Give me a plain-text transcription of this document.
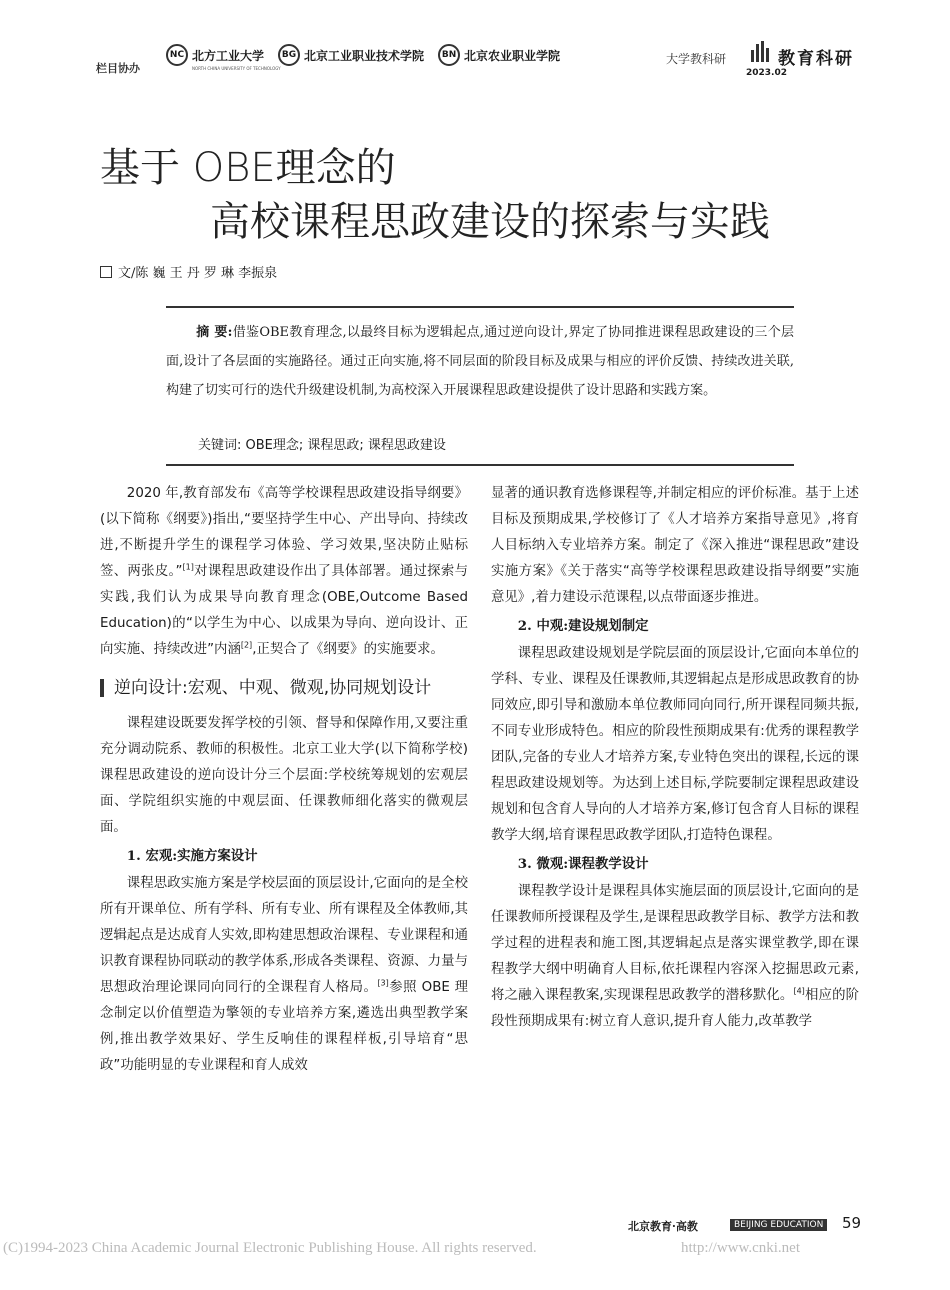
栏目协办
NC 北方工业大学
NORTH CHINA UNIVERSITY OF TECHNOLOGY
BG 北京工业职业技术学院	BN 北京农业职业学院	大学教科研	教育科研
2023.02
基于 OBE理念的
高校课程思政建设的探索与实践
文/陈 巍 王 丹 罗 琳 李振泉
摘 要:借鉴OBE教育理念,以最终目标为逻辑起点,通过逆向设计,界定了协同推进课程思政建设的三个层面,设计了各层面的实施路径。通过正向实施,将不同层面的阶段目标及成果与相应的评价反馈、持续改进关联,构建了切实可行的迭代升级建设机制,为高校深入开展课程思政建设提供了设计思路和实践方案。
关键词: OBE理念; 课程思政; 课程思政建设

2020 年,教育部发布《高等学校课程思政建设指导纲要》(以下简称《纲要》)指出,“要坚持学生中心、产出导向、持续改进,不断提升学生的课程学习体验、学习效果,坚决防止贴标签、两张皮。”[1]对课程思政建设作出了具体部署。通过探索与实践,我们认为成果导向教育理念(OBE,Outcome Based Education)的“以学生为中心、以成果为导向、逆向设计、正向实施、持续改进”内涵[2],正契合了《纲要》的实施要求。

逆向设计:宏观、中观、微观,协同规划设计

课程建设既要发挥学校的引领、督导和保障作用,又要注重充分调动院系、教师的积极性。北京工业大学(以下简称学校)课程思政建设的逆向设计分三个层面:学校统筹规划的宏观层面、学院组织实施的中观层面、任课教师细化落实的微观层面。

1. 宏观:实施方案设计

课程思政实施方案是学校层面的顶层设计,它面向的是全校所有开课单位、所有学科、所有专业、所有课程及全体教师,其逻辑起点是达成育人实效,即构建思想政治课程、专业课程和通识教育课程协同联动的教学体系,形成各类课程、资源、力量与思想政治理论课同向同行的全课程育人格局。[3]参照 OBE 理念制定以价值塑造为擎领的专业培养方案,遴选出典型教学案例,推出教学效果好、学生反响佳的课程样板,引导培育“思政”功能明显的专业课程和育人成效

显著的通识教育选修课程等,并制定相应的评价标准。基于上述目标及预期成果,学校修订了《人才培养方案指导意见》,将育人目标纳入专业培养方案。制定了《深入推进“课程思政”建设实施方案》《关于落实“高等学校课程思政建设指导纲要”实施意见》,着力建设示范课程,以点带面逐步推进。

2. 中观:建设规划制定

课程思政建设规划是学院层面的顶层设计,它面向本单位的学科、专业、课程及任课教师,其逻辑起点是形成思政教育的协同效应,即引导和激励本单位教师同向同行,所开课程同频共振,不同专业形成特色。相应的阶段性预期成果有:优秀的课程教学团队,完备的专业人才培养方案,专业特色突出的课程,长远的课程思政建设规划等。为达到上述目标,学院要制定课程思政建设规划和包含育人导向的人才培养方案,修订包含育人目标的课程教学大纲,培育课程思政教学团队,打造特色课程。

3. 微观:课程教学设计

课程教学设计是课程具体实施层面的顶层设计,它面向的是任课教师所授课程及学生,是课程思政教学目标、教学方法和教学过程的进程表和施工图,其逻辑起点是落实课堂教学,即在课程教学大纲中明确育人目标,依托课程内容深入挖掘思政元素,将之融入课程教案,实现课程思政教学的潜移默化。[4]相应的阶段性预期成果有:树立育人意识,提升育人能力,改革教学

北京教育·高教	BEIJING EDUCATION 59
(C)1994-2023 China Academic Journal Electronic Publishing House. All rights reserved.	http://www.cnki.net
